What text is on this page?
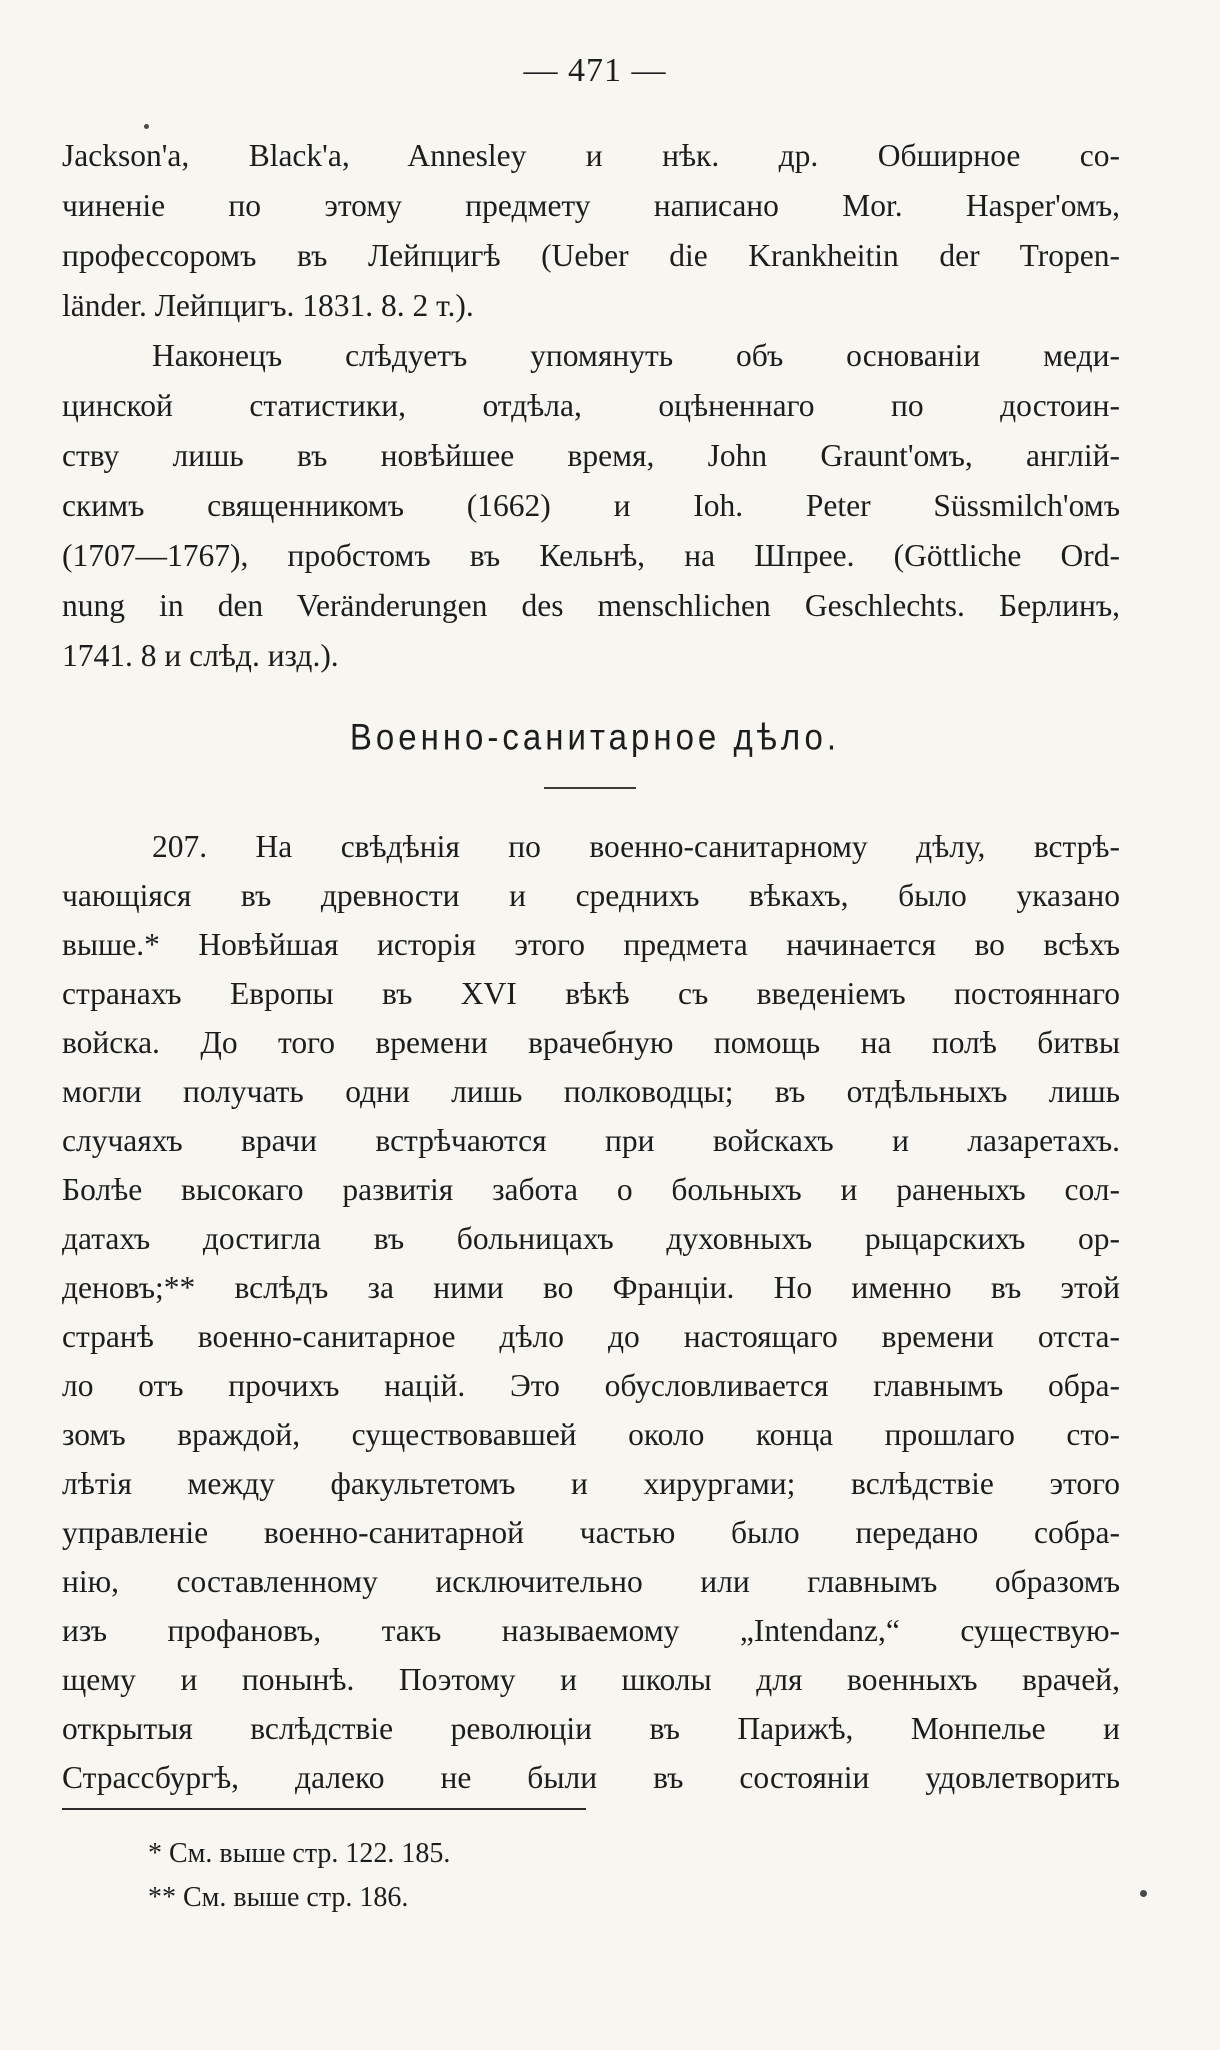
— 471 —
Jackson'a, Black'a, Annesley и нѣк. др. Обширное со-
чиненіе по этому предмету написано Mor. Hasper'омъ,
профессоромъ въ Лейпцигѣ (Ueber die Krankheitin der Tropen-
länder. Лейпцигъ. 1831. 8. 2 т.).
Наконецъ слѣдуетъ упомянуть объ основаніи меди-
цинской статистики, отдѣла, оцѣненнаго по достоин-
ству лишь въ новѣйшее время, John Graunt'омъ, англій-
скимъ священникомъ (1662) и Ioh. Peter Süssmilch'омъ
(1707—1767), пробстомъ въ Кельнѣ, на Шпрее. (Göttliche Ord-
nung in den Veränderungen des menschlichen Geschlechts. Берлинъ,
1741. 8 и слѣд. изд.).
Военно-санитарное дѣло.
207. На свѣдѣнія по военно-санитарному дѣлу, встрѣ-
чающіяся въ древности и среднихъ вѣкахъ, было указано
выше.* Новѣйшая исторія этого предмета начинается во всѣхъ
странахъ Европы въ XVI вѣкѣ съ введеніемъ постояннаго
войска. До того времени врачебную помощь на полѣ битвы
могли получать одни лишь полководцы; въ отдѣльныхъ лишь
случаяхъ врачи встрѣчаются при войскахъ и лазаретахъ.
Болѣе высокаго развитія забота о больныхъ и раненыхъ сол-
датахъ достигла въ больницахъ духовныхъ рыцарскихъ ор-
деновъ;** вслѣдъ за ними во Франціи. Но именно въ этой
странѣ военно-санитарное дѣло до настоящаго времени отста-
ло отъ прочихъ націй. Это обусловливается главнымъ обра-
зомъ враждой, существовавшей около конца прошлаго сто-
лѣтія между факультетомъ и хирургами; вслѣдствіе этого
управленіе военно-санитарной частью было передано собра-
нію, составленному исключительно или главнымъ образомъ
изъ профановъ, такъ называемому „Intendanz,“ существую-
щему и понынѣ. Поэтому и школы для военныхъ врачей,
открытыя вслѣдствіе революціи въ Парижѣ, Монпелье и
Страссбургѣ, далеко не были въ состояніи удовлетворить
* См. выше стр. 122. 185.
** См. выше стр. 186.
